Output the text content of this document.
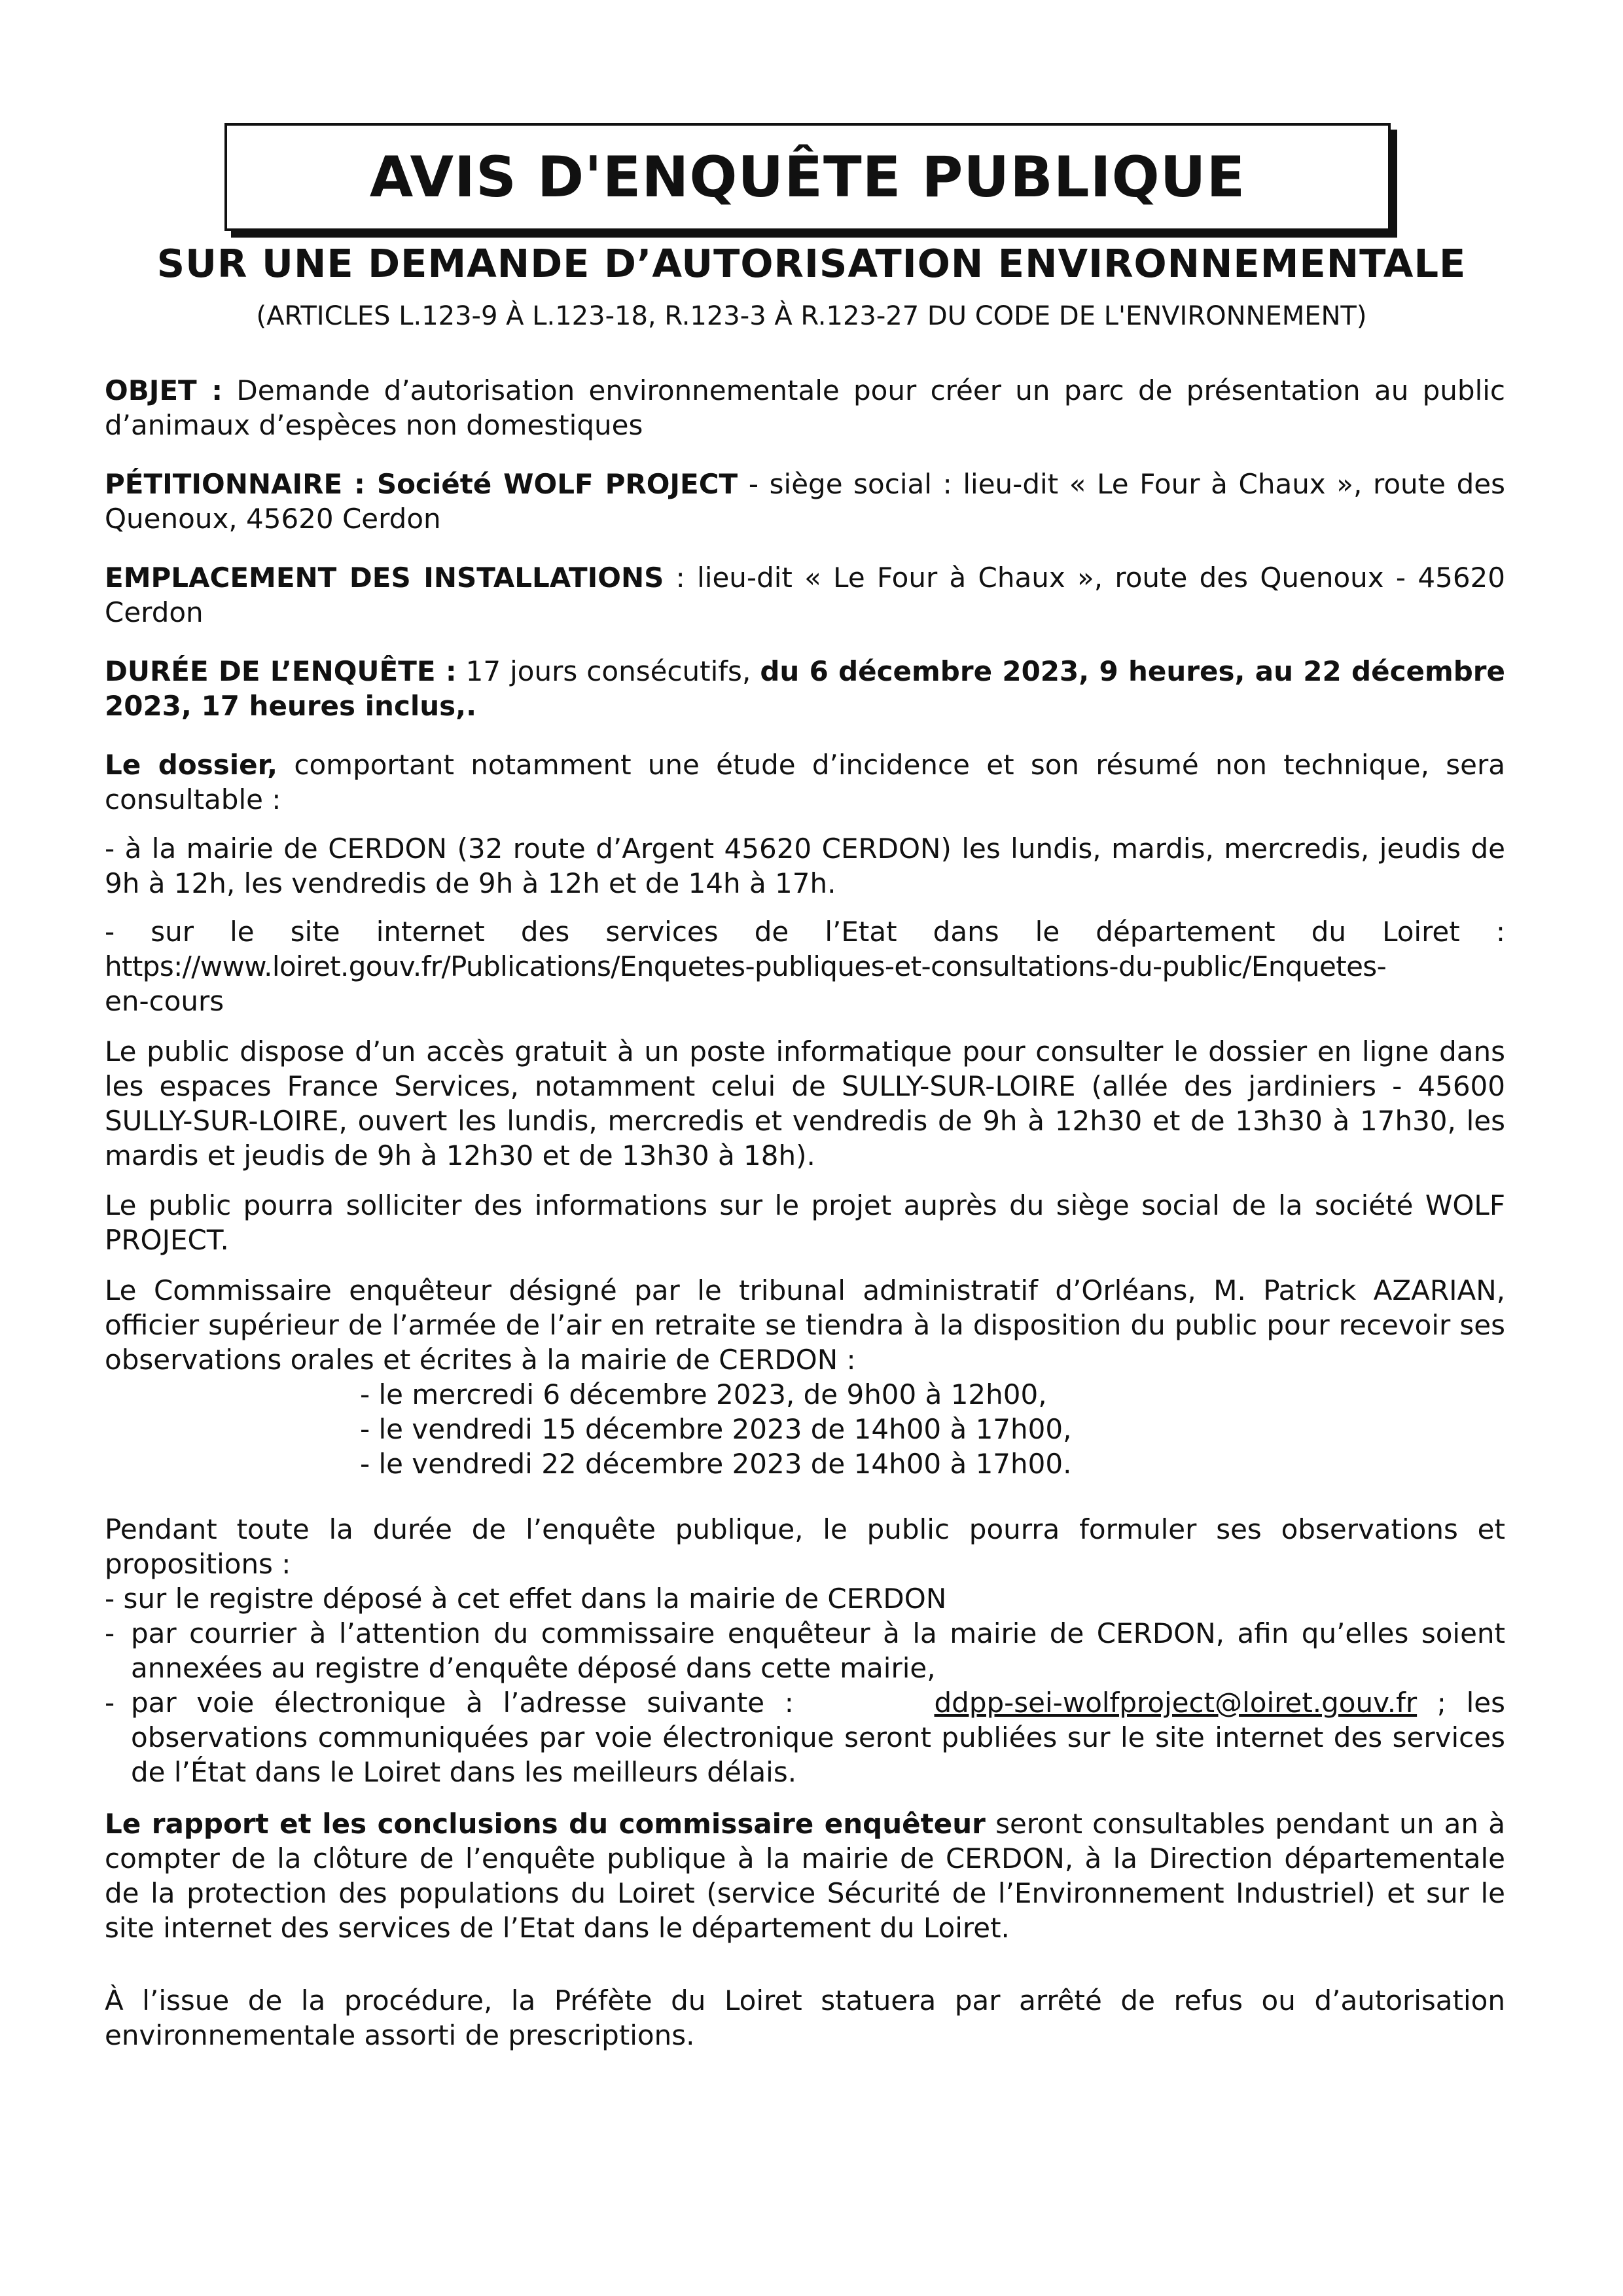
AVIS D'ENQUÊTE PUBLIQUE
SUR UNE DEMANDE D’AUTORISATION ENVIRONNEMENTALE
(ARTICLES L.123-9 À L.123-18, R.123-3 À R.123-27 DU CODE DE L'ENVIRONNEMENT)

OBJET : Demande d’autorisation environnementale pour créer un parc de présentation au public d’animaux d’espèces non domestiques

PÉTITIONNAIRE : Société WOLF PROJECT - siège social : lieu-dit « Le Four à Chaux », route des Quenoux, 45620 Cerdon

EMPLACEMENT DES INSTALLATIONS : lieu-dit « Le Four à Chaux », route des Quenoux - 45620 Cerdon

DURÉE DE L’ENQUÊTE : 17 jours consécutifs, du 6 décembre 2023, 9 heures, au 22 décembre 2023, 17 heures inclus,.

Le dossier, comportant notamment une étude d’incidence et son résumé non technique, sera consultable :

- à la mairie de CERDON (32 route d’Argent 45620 CERDON) les lundis, mardis, mercredis, jeudis de 9h à 12h, les vendredis de 9h à 12h et de 14h à 17h.

- sur le site internet des services de l’Etat dans le département du Loiret :
https://www.loiret.gouv.fr/Publications/Enquetes-publiques-et-consultations-du-public/Enquetes-
en-cours

Le public dispose d’un accès gratuit à un poste informatique pour consulter le dossier en ligne dans les espaces France Services, notamment celui de SULLY-SUR-LOIRE (allée des jardiniers - 45600 SULLY-SUR-LOIRE, ouvert les lundis, mercredis et vendredis de 9h à 12h30 et de 13h30 à 17h30, les mardis et jeudis de 9h à 12h30 et de 13h30 à 18h).

Le public pourra solliciter des informations sur le projet auprès du siège social de la société WOLF PROJECT.

Le Commissaire enquêteur désigné par le tribunal administratif d’Orléans, M. Patrick AZARIAN, officier supérieur de l’armée de l’air en retraite se tiendra à la disposition du public pour recevoir ses observations orales et écrites à la mairie de CERDON :

- le mercredi 6 décembre 2023, de 9h00 à 12h00,
- le vendredi 15 décembre 2023 de 14h00 à 17h00,
- le vendredi 22 décembre 2023 de 14h00 à 17h00.

Pendant toute la durée de l’enquête publique, le public pourra formuler ses observations et propositions :

- sur le registre déposé à cet effet dans la mairie de CERDON
- par courrier à l’attention du commissaire enquêteur à la mairie de CERDON, afin qu’elles soient annexées au registre d’enquête déposé dans cette mairie,
- par voie électronique à l’adresse suivante :	ddpp-sei-wolfproject@loiret.gouv.fr ; les observations communiquées par voie électronique seront publiées sur le site internet des services de l’État dans le Loiret dans les meilleurs délais.

Le rapport et les conclusions du commissaire enquêteur seront consultables pendant un an à compter de la clôture de l’enquête publique à la mairie de CERDON, à la Direction départementale de la protection des populations du Loiret (service Sécurité de l’Environnement Industriel) et sur le site internet des services de l’Etat dans le département du Loiret.

À l’issue de la procédure, la Préfète du Loiret statuera par arrêté de refus ou d’autorisation environnementale assorti de prescriptions.
